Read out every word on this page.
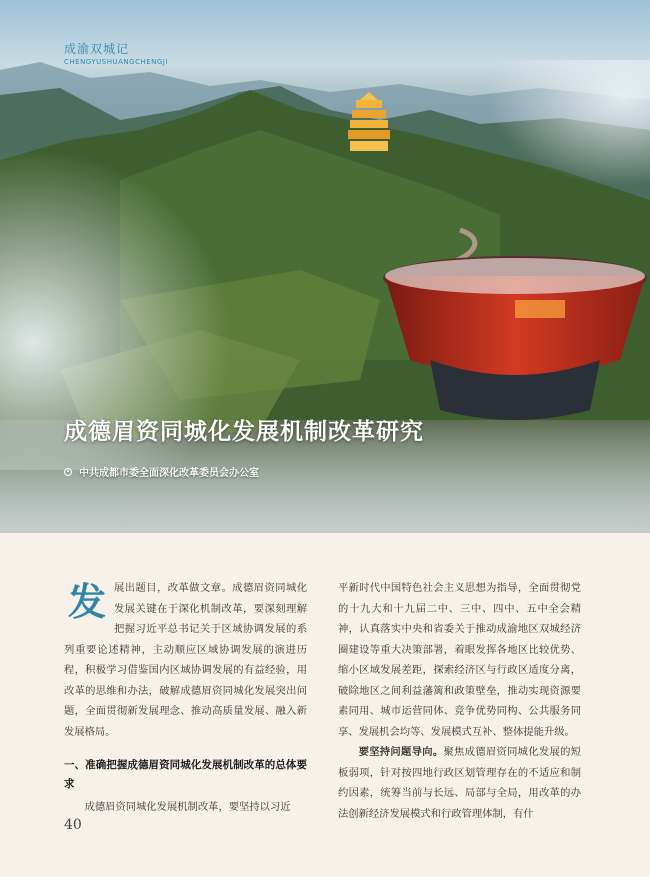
成渝双城记
CHENGYUSHUANGCHENGJI
成德眉资同城化发展机制改革研究
中共成都市委全面深化改革委员会办公室

发展出题目，改革做文章。成德眉资同城化发展关键在于深化机制改革，要深刻理解把握习近平总书记关于区域协调发展的系列重要论述精神，主动顺应区域协调发展的演进历程，积极学习借鉴国内区域协调发展的有益经验，用改革的思维和办法，破解成德眉资同城化发展突出问题，全面贯彻新发展理念、推动高质量发展、融入新发展格局。

一、准确把握成德眉资同城化发展机制改革的总体要求

成德眉资同城化发展机制改革，要坚持以习近

平新时代中国特色社会主义思想为指导，全面贯彻党的十九大和十九届二中、三中、四中、五中全会精神，认真落实中央和省委关于推动成渝地区双城经济圈建设等重大决策部署，着眼发挥各地区比较优势、缩小区域发展差距，探索经济区与行政区适度分离，破除地区之间利益藩篱和政策壁垒，推动实现资源要素同用、城市运营同体、竞争优势同构、公共服务同享、发展机会均等、发展模式互补、整体提能升级。

要坚持问题导向。聚焦成德眉资同城化发展的短板弱项，针对按四地行政区划管理存在的不适应和制约因素，统筹当前与长远、局部与全局，用改革的办法创新经济发展模式和行政管理体制，有什

40
